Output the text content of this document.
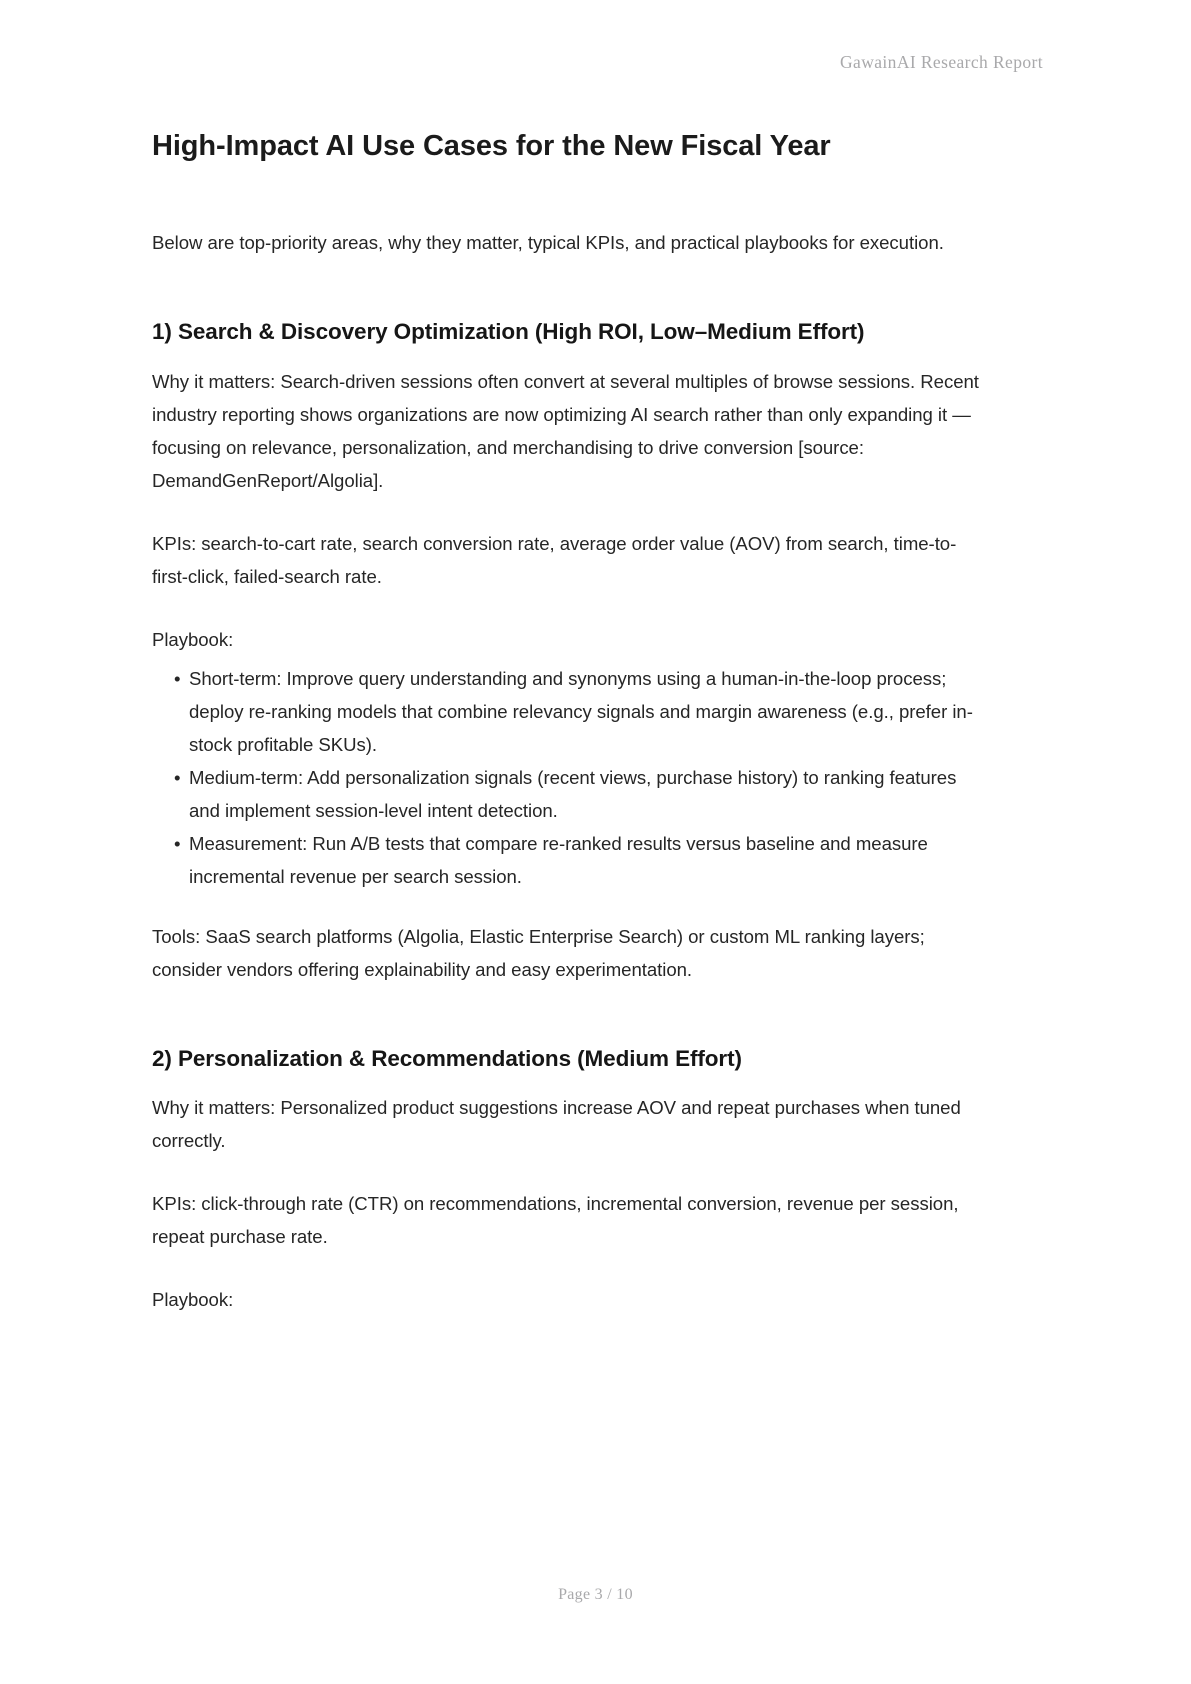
GawainAI Research Report
High-Impact AI Use Cases for the New Fiscal Year

Below are top-priority areas, why they matter, typical KPIs, and practical playbooks for execution.

1) Search & Discovery Optimization (High ROI, Low–Medium Effort)

Why it matters: Search-driven sessions often convert at several multiples of browse sessions. Recent industry reporting shows organizations are now optimizing AI search rather than only expanding it — focusing on relevance, personalization, and merchandising to drive conversion [source: DemandGenReport/Algolia].

KPIs: search-to-cart rate, search conversion rate, average order value (AOV) from search, time-to-first-click, failed-search rate.

Playbook:

• Short-term: Improve query understanding and synonyms using a human-in-the-loop process; deploy re-ranking models that combine relevancy signals and margin awareness (e.g., prefer in-stock profitable SKUs).
• Medium-term: Add personalization signals (recent views, purchase history) to ranking features and implement session-level intent detection.
• Measurement: Run A/B tests that compare re-ranked results versus baseline and measure incremental revenue per search session.

Tools: SaaS search platforms (Algolia, Elastic Enterprise Search) or custom ML ranking layers; consider vendors offering explainability and easy experimentation.

2) Personalization & Recommendations (Medium Effort)

Why it matters: Personalized product suggestions increase AOV and repeat purchases when tuned correctly.

KPIs: click-through rate (CTR) on recommendations, incremental conversion, revenue per session, repeat purchase rate.

Playbook:

Page 3 / 10
